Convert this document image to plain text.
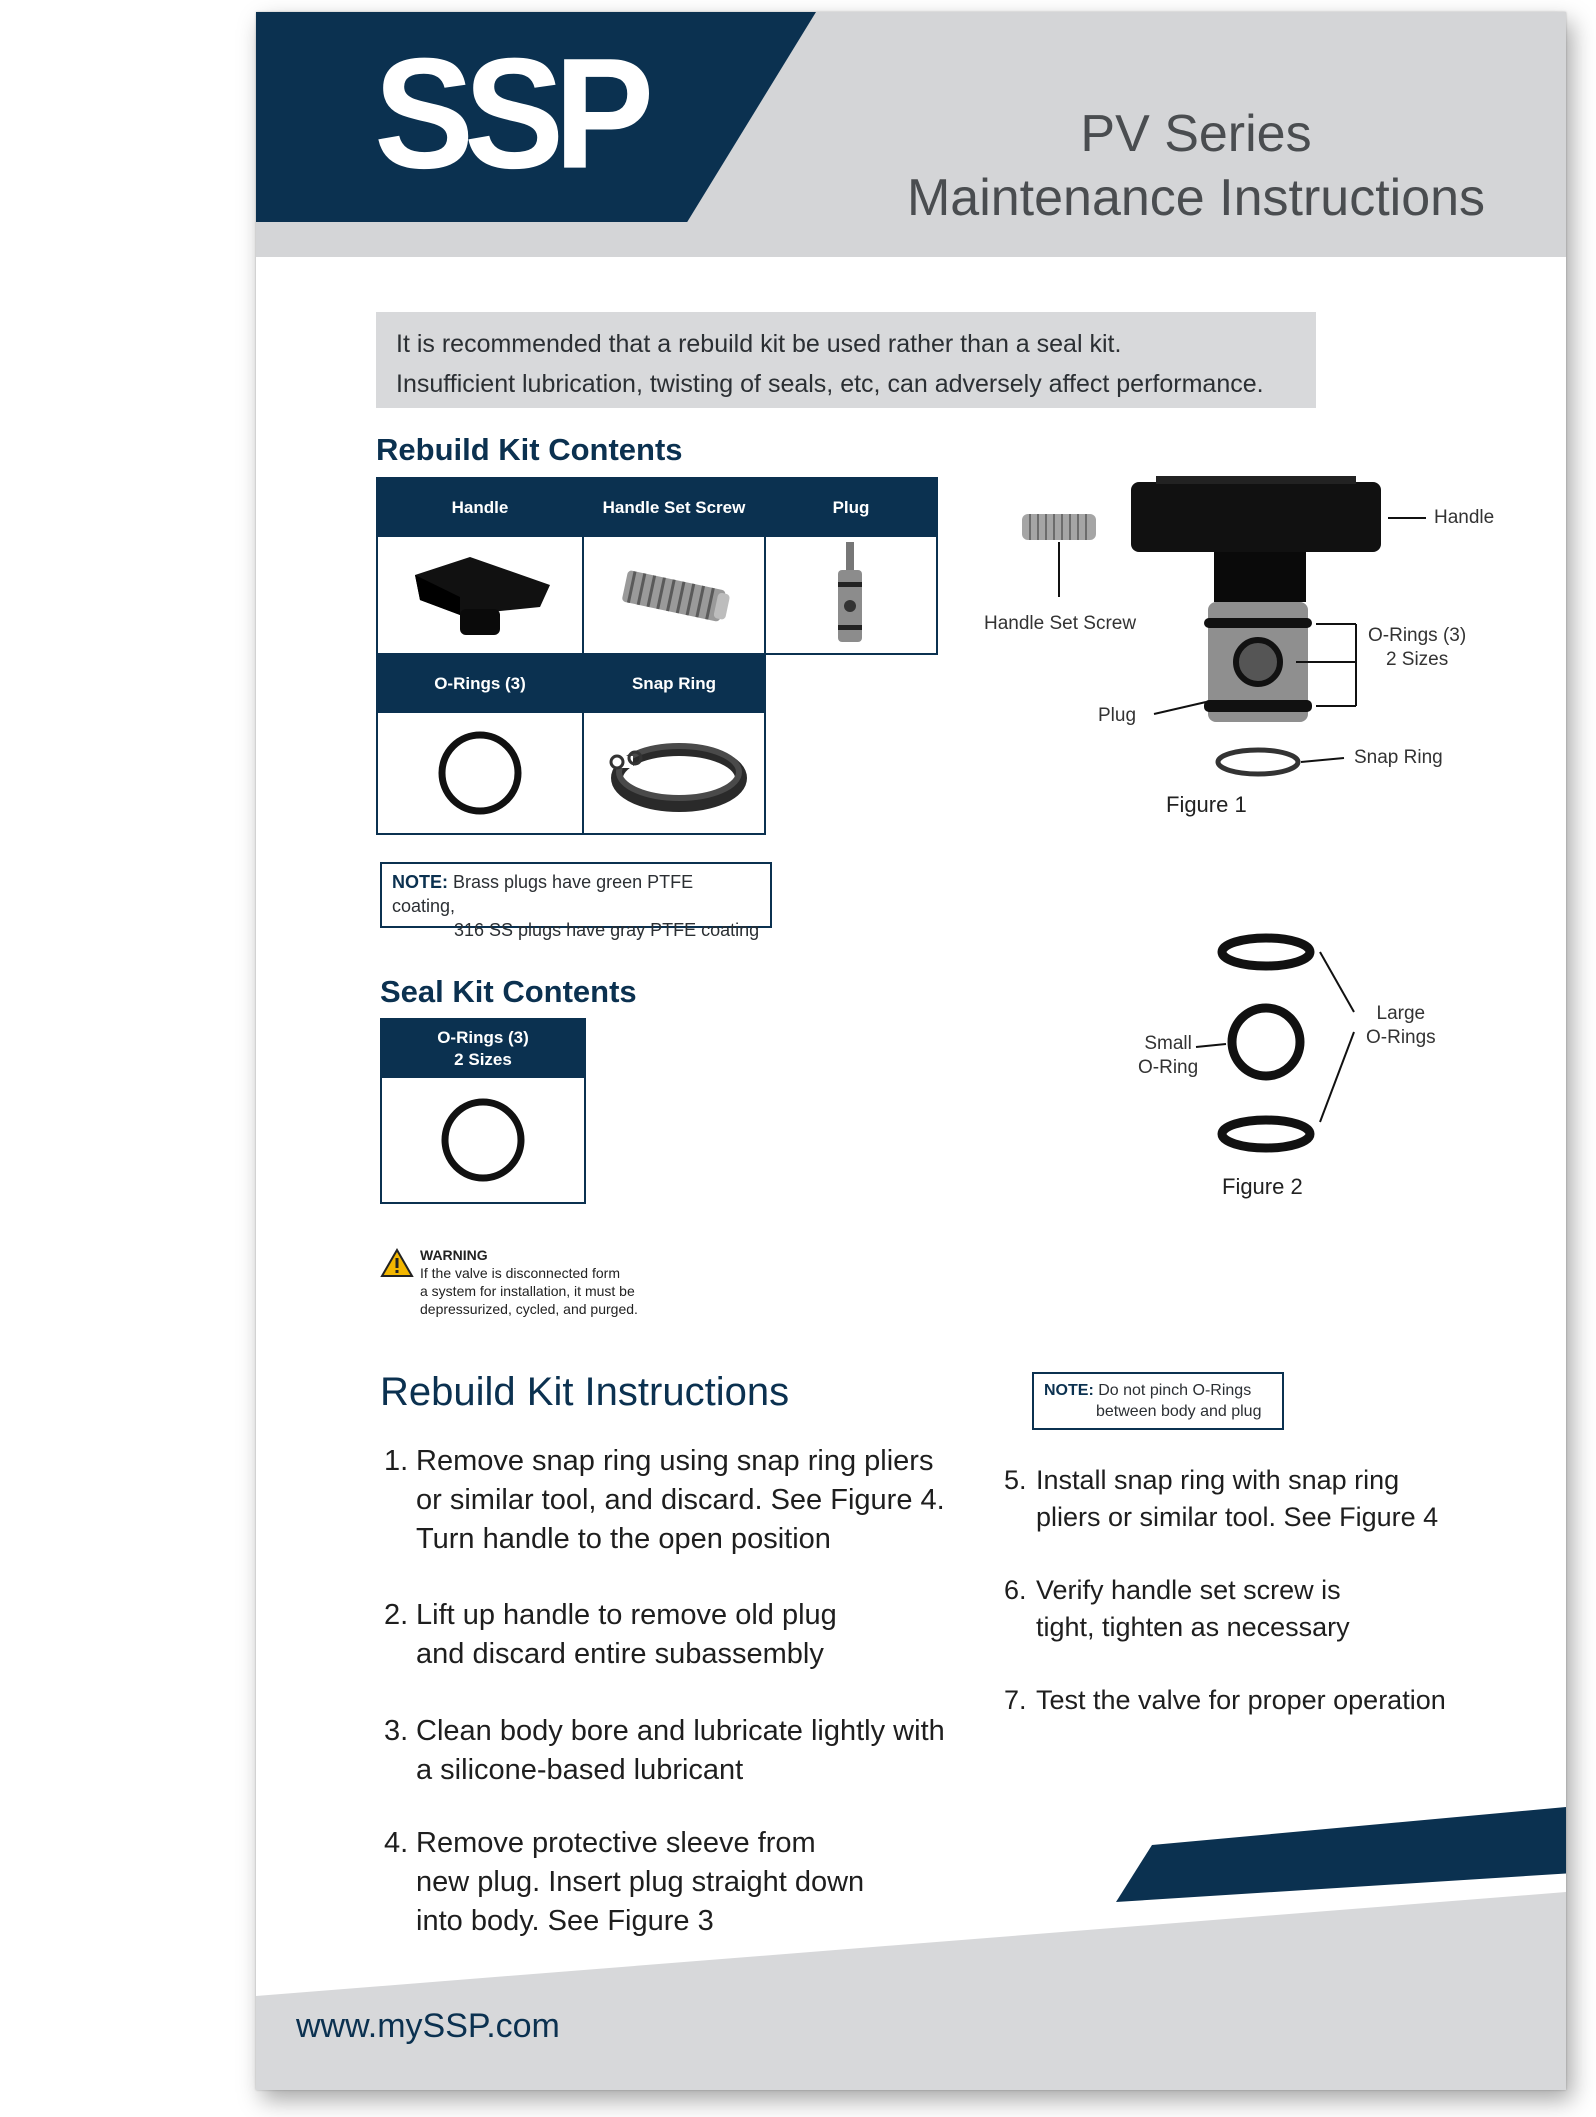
SSP	PV Series
Maintenance Instructions
It is recommended that a rebuild kit be used rather than a seal kit.
Insufficient lubrication, twisting of seals, etc, can adversely affect performance.
Rebuild Kit Contents
Handle	Handle Set Screw	Plug
O-Rings (3)	Snap Ring
NOTE: Brass plugs have green PTFE coating,
316 SS plugs have gray PTFE coating
Seal Kit Contents
O-Rings (3)
2 Sizes
WARNING
If the valve is disconnected form
a system for installation, it must be
depressurized, cycled, and purged.
Handle
Handle Set Screw
O-Rings (3)
2 Sizes
Plug
Snap Ring
Figure 1
Small
O-Ring
Large
O-Rings
Figure 2
Rebuild Kit Instructions	NOTE: Do not pinch O-Rings
between body and plug
1. Remove snap ring using snap ring pliers
or similar tool, and discard. See Figure 4.
Turn handle to the open position
2. Lift up handle to remove old plug
and discard entire subassembly
3. Clean body bore and lubricate lightly with
a silicone-based lubricant
4. Remove protective sleeve from
new plug. Insert plug straight down
into body. See Figure 3
5. Install snap ring with snap ring
pliers or similar tool. See Figure 4
6. Verify handle set screw is
tight, tighten as necessary
7. Test the valve for proper operation
www.mySSP.com
